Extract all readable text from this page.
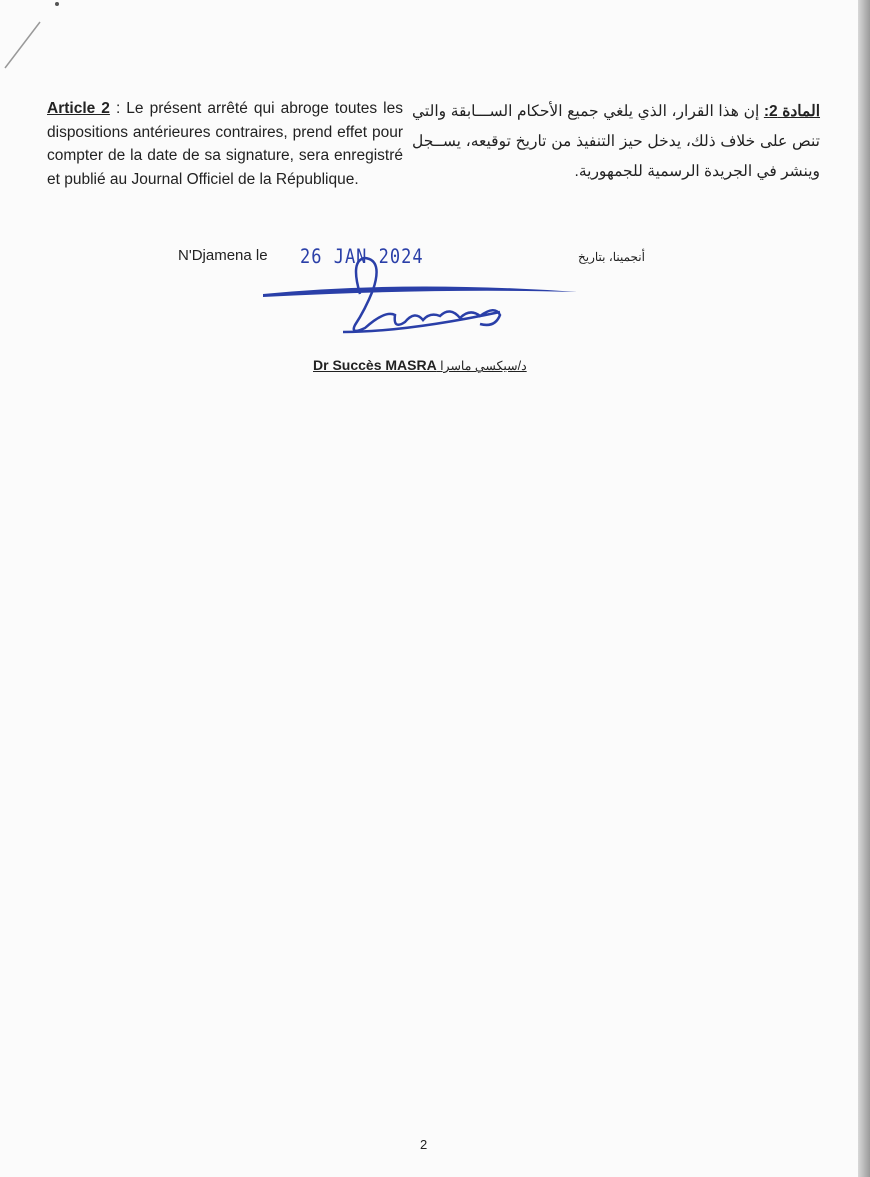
Article 2 : Le présent arrêté qui abroge toutes les dispositions antérieures contraires, prend effet pour compter de la date de sa signature, sera enregistré et publié au Journal Officiel de la République.
المادة 2: إن هذا القرار، الذي يلغي جميع الأحكام الســـابقة والتي تنص على خلاف ذلك، يدخل حيز التنفيذ من تاريخ توقيعه، يســجل وينشر في الجريدة الرسمية للجمهورية.
N'Djamena le 26 JAN 2024	أنجمينا، بتاريخ
Dr Succès MASRA د/سيكسي ماسرا
2
